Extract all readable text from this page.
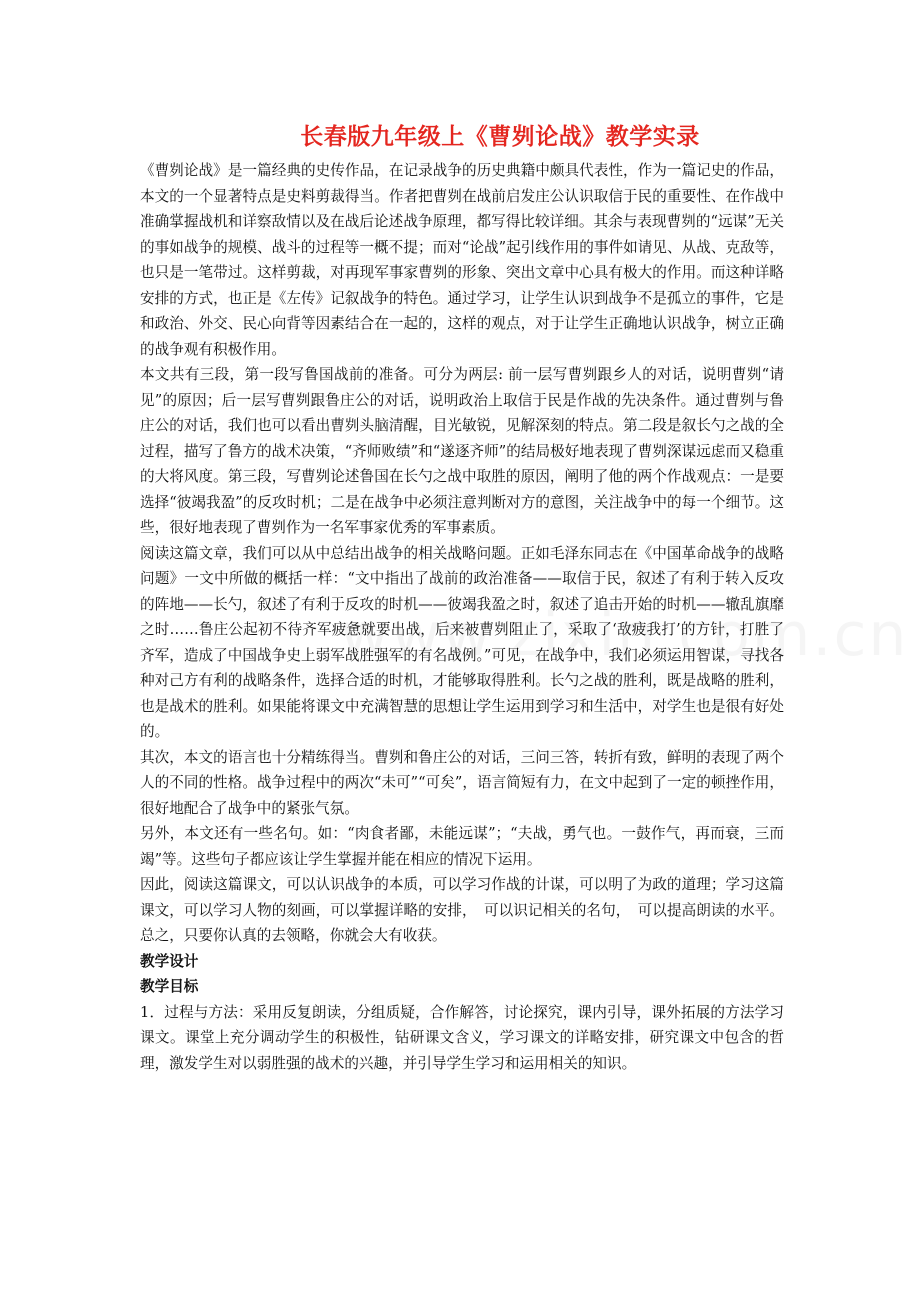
长春版九年级上《曹刿论战》教学实录

《曹刿论战》是一篇经典的史传作品，在记录战争的历史典籍中颇具代表性，作为一篇记史的作品，本文的一个显著特点是史料剪裁得当。作者把曹刿在战前启发庄公认识取信于民的重要性、在作战中准确掌握战机和详察敌情以及在战后论述战争原理，都写得比较详细。其余与表现曹刿的“远谋”无关的事如战争的规模、战斗的过程等一概不提；而对“论战”起引线作用的事件如请见、从战、克敌等，也只是一笔带过。这样剪裁，对再现军事家曹刿的形象、突出文章中心具有极大的作用。而这种详略安排的方式，也正是《左传》记叙战争的特色。通过学习，让学生认识到战争不是孤立的事件，它是和政治、外交、民心向背等因素结合在一起的，这样的观点，对于让学生正确地认识战争，树立正确的战争观有积极作用。

本文共有三段，第一段写鲁国战前的准备。可分为两层: 前一层写曹刿跟乡人的对话，说明曹刿“请见”的原因；后一层写曹刿跟鲁庄公的对话，说明政治上取信于民是作战的先决条件。通过曹刿与鲁庄公的对话，我们也可以看出曹刿头脑清醒，目光敏锐，见解深刻的特点。第二段是叙长勺之战的全过程，描写了鲁方的战术决策，“齐师败绩”和“遂逐齐师”的结局极好地表现了曹刿深谋远虑而又稳重的大将风度。第三段，写曹刿论述鲁国在长勺之战中取胜的原因，阐明了他的两个作战观点：一是要选择“彼竭我盈”的反攻时机；二是在战争中必须注意判断对方的意图，关注战争中的每一个细节。这些，很好地表现了曹刿作为一名军事家优秀的军事素质。

阅读这篇文章，我们可以从中总结出战争的相关战略问题。正如毛泽东同志在《中国革命战争的战略问题》一文中所做的概括一样：“文中指出了战前的政治准备——取信于民，叙述了有利于转入反攻的阵地——长勺，叙述了有利于反攻的时机——彼竭我盈之时，叙述了追击开始的时机——辙乱旗靡之时……鲁庄公起初不待齐军疲惫就要出战，后来被曹刿阻止了，采取了‘敌疲我打’的方针，打胜了齐军，造成了中国战争史上弱军战胜强军的有名战例。”可见，在战争中，我们必须运用智谋，寻找各种对己方有利的战略条件，选择合适的时机，才能够取得胜利。长勺之战的胜利，既是战略的胜利，也是战术的胜利。如果能将课文中充满智慧的思想让学生运用到学习和生活中，对学生也是很有好处的。

其次，本文的语言也十分精练得当。曹刿和鲁庄公的对话，三问三答，转折有致，鲜明的表现了两个人的不同的性格。战争过程中的两次“未可”“可矣”，语言简短有力，在文中起到了一定的顿挫作用，很好地配合了战争中的紧张气氛。

另外，本文还有一些名句。如：“肉食者鄙，未能远谋”；“夫战，勇气也。一鼓作气，再而衰，三而竭”等。这些句子都应该让学生掌握并能在相应的情况下运用。

因此，阅读这篇课文，可以认识战争的本质，可以学习作战的计谋，可以明了为政的道理；学习这篇课文，可以学习人物的刻画，可以掌握详略的安排，　可以识记相关的名句，　可以提高朗读的水平。总之，只要你认真的去领略，你就会大有收获。

教学设计

教学目标

1．过程与方法：采用反复朗读，分组质疑，合作解答，讨论探究，课内引导，课外拓展的方法学习课文。课堂上充分调动学生的积极性，钻研课文含义，学习课文的详略安排，研究课文中包含的哲理，激发学生对以弱胜强的战术的兴趣，并引导学生学习和运用相关的知识。
